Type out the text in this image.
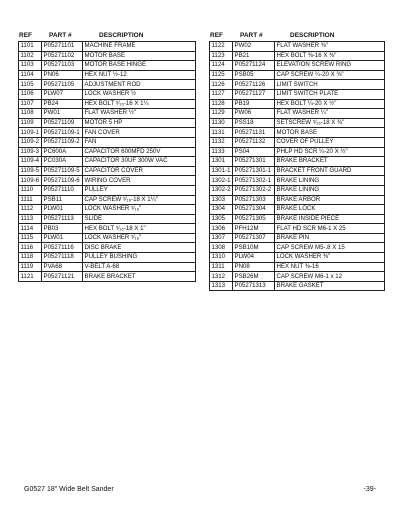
REF	PART #	DESCRIPTION
1101	P05271101	MACHINE FRAME
1102	P05271102	MOTOR BASE
1103	P05271103	MOTOR BASE HINGE
1104	PN06	HEX NUT ½-12
1105	P05271105	ADJUSTMENT ROD
1106	PLW07	LOCK WASHER ½
1107	PB24	HEX BOLT ⁵⁄₁₆-16 X 1¼
1108	PW01	FLAT WASHER ½"
1109	P05271109	MOTOR 5 HP
1109-1	P05271109-1	FAN COVER
1109-2	P05271109-2	FAN
1109-3	PC600A	CAPACITOR 600MFD 250V
1109-4	PC030A	CAPACITOR 30UF 300W VAC
1109-5	P05271109-5	CAPACITOR COVER
1109-6	P05271109-6	WIRING COVER
1110	P05271110	PULLEY
1111	PSB11	CAP SCREW ⁵⁄₁₆-18 X 1¼"
1112	PLW01	LOCK WASHER ⁵⁄₁₆"
1113	P05271113	SLIDE
1114	PB03	HEX BOLT ⁵⁄₁₆-18 X 1"
1115	PLW01	LOCK WASHER ⁵⁄₁₆"
1116	P05271116	DISC BRAKE
1118	P05271118	PULLEY BUSHING
1119	PVA68	V-BELT A-68
1121	P05271121	BRAKE BRACKET
REF	PART #	DESCRIPTION
1122	PW02	FLAT WASHER ⅜"
1123	PB21	HEX BOLT ⅜-16 X ⅜"
1124	P05271124	ELEVATION SCREW RING
1125	PSB05	CAP SCREW ¼-20 X ⅜"
1126	P05271126	LIMIT SWITCH
1127	P05271127	LIMIT SWITCH PLATE
1128	PB19	HEX BOLT ¼-20 X ½"
1129	PW06	FLAT WASHER ¼"
1130	PSS18	SETSCREW ⁵⁄₁₆-18 X ⅜"
1131	P05271131	MOTOR BASE
1132	P05271132	COVER OF PULLEY
1133	PS04	PHLP HD SCR ¼-20 X ½"
1301	P05271301	BRAKE BRACKET
1301-1	P05271301-1	BRACKET FRONT GUARD
1302-1	P05271302-1	BRAKE LINING
1302-2	P05271302-2	BRAKE LINING
1303	P05271303	BRAKE ARBOR
1304	P05271304	BRAKE LOCK
1305	P05271305	BRAKE INSIDE PIECE
1306	PFH12M	FLAT HD SCR M6-1 X 25
1307	P05271307	BRAKE PIN
1308	PSB10M	CAP SCREW M5-.8 X 15
1310	PLW04	LOCK WASHER ⅜"
1311	PN08	HEX NUT ⅜-16
1312	PSB26M	CAP SCREW M6-1 x 12
1313	P05271313	BRAKE GASKET
G0527 18" Wide Belt Sander	-39-
